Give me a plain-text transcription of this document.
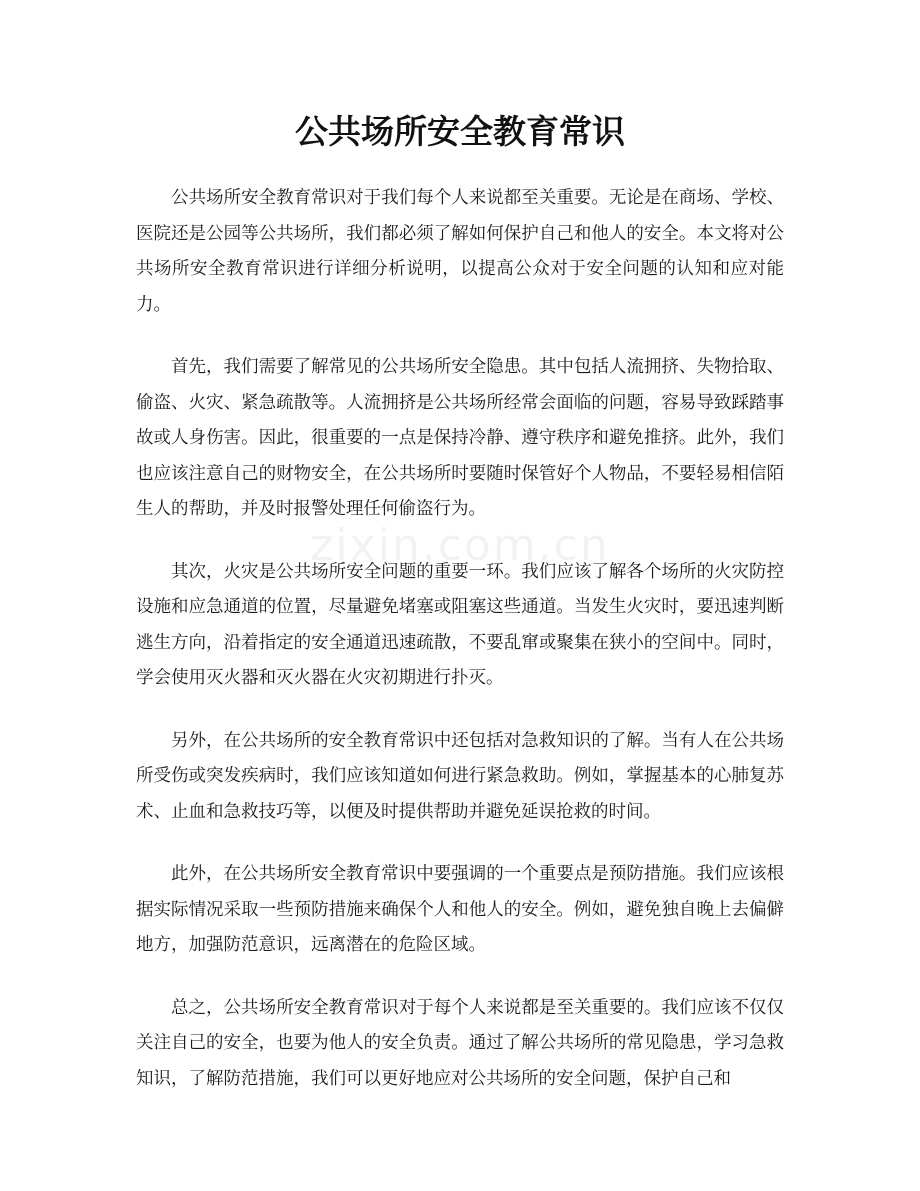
公共场所安全教育常识

公共场所安全教育常识对于我们每个人来说都至关重要。无论是在商场、学校、医院还是公园等公共场所，我们都必须了解如何保护自己和他人的安全。本文将对公共场所安全教育常识进行详细分析说明，以提高公众对于安全问题的认知和应对能力。

首先，我们需要了解常见的公共场所安全隐患。其中包括人流拥挤、失物拾取、偷盗、火灾、紧急疏散等。人流拥挤是公共场所经常会面临的问题，容易导致踩踏事故或人身伤害。因此，很重要的一点是保持冷静、遵守秩序和避免推挤。此外，我们也应该注意自己的财物安全，在公共场所时要随时保管好个人物品，不要轻易相信陌生人的帮助，并及时报警处理任何偷盗行为。

其次，火灾是公共场所安全问题的重要一环。我们应该了解各个场所的火灾防控设施和应急通道的位置，尽量避免堵塞或阻塞这些通道。当发生火灾时，要迅速判断逃生方向，沿着指定的安全通道迅速疏散，不要乱窜或聚集在狭小的空间中。同时，学会使用灭火器和灭火器在火灾初期进行扑灭。

另外，在公共场所的安全教育常识中还包括对急救知识的了解。当有人在公共场所受伤或突发疾病时，我们应该知道如何进行紧急救助。例如，掌握基本的心肺复苏术、止血和急救技巧等，以便及时提供帮助并避免延误抢救的时间。

此外，在公共场所安全教育常识中要强调的一个重要点是预防措施。我们应该根据实际情况采取一些预防措施来确保个人和他人的安全。例如，避免独自晚上去偏僻地方，加强防范意识，远离潜在的危险区域。

总之，公共场所安全教育常识对于每个人来说都是至关重要的。我们应该不仅仅关注自己的安全，也要为他人的安全负责。通过了解公共场所的常见隐患，学习急救知识，了解防范措施，我们可以更好地应对公共场所的安全问题，保护自己和

zixin.com.cn
